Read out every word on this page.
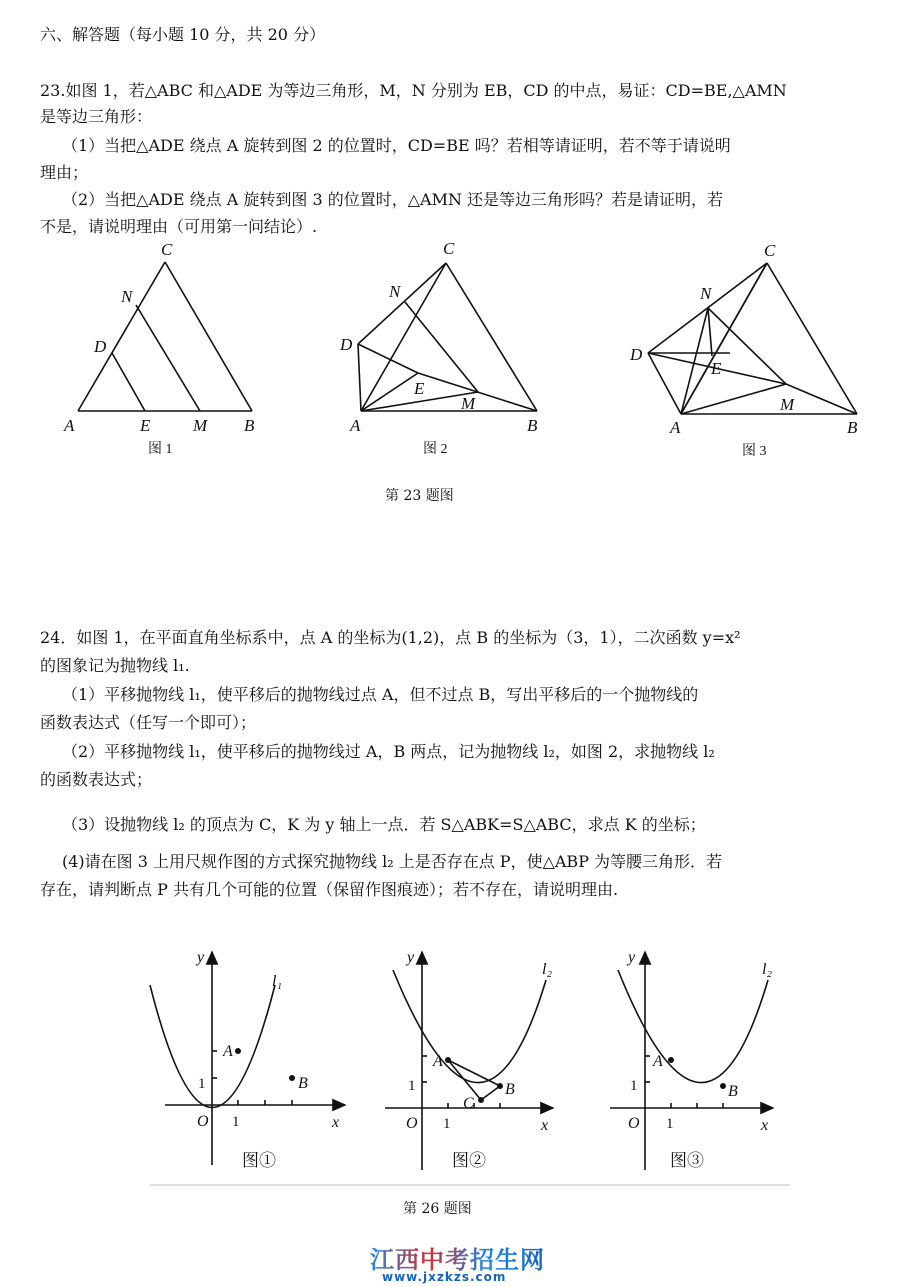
六、解答题（每小题 10 分，共 20 分）
23.如图 1，若△ABC 和△ADE 为等边三角形，M，N 分别为 EB，CD 的中点，易证：CD=BE,△AMN
是等边三角形：
（1）当把△ADE 绕点 A 旋转到图 2 的位置时，CD=BE 吗？若相等请证明，若不等于请说明
理由；
（2）当把△ADE 绕点 A 旋转到图 3 的位置时，△AMN 还是等边三角形吗？若是请证明，若
不是，请说明理由（可用第一问结论）.
A	E	M B
D
N
C
A	B
C
D
E
M
N
A	B
C
D
E
M
N
图 1	图 2	图 3
第 23 题图
24．如图 1，在平面直角坐标系中，点 A 的坐标为(1,2)，点 B 的坐标为（3，1），二次函数 y=x²
的图象记为抛物线 l₁.
（1）平移抛物线 l₁，使平移后的抛物线过点 A，但不过点 B，写出平移后的一个抛物线的
函数表达式（任写一个即可）；
（2）平移抛物线 l₁，使平移后的抛物线过 A，B 两点，记为抛物线 l₂，如图 2，求抛物线 l₂
的函数表达式；
（3）设抛物线 l₂ 的顶点为 C，K 为 y 轴上一点．若 S△ABK=S△ABC，求点 K 的坐标；
(4)请在图 3 上用尺规作图的方式探究抛物线 l₂ 上是否存在点 P，使△ABP 为等腰三角形．若
存在，请判断点 P 共有几个可能的位置（保留作图痕迹）；若不存在，请说明理由.
y
x
O
A
B
l₁
y
x
O
A
B
C
l₂
y
x
O
A
B
l₂
1
1
1
1
1
1
图①	图②	图③
第 26 题图
江西中考招生网
www.jxzkzs.com
